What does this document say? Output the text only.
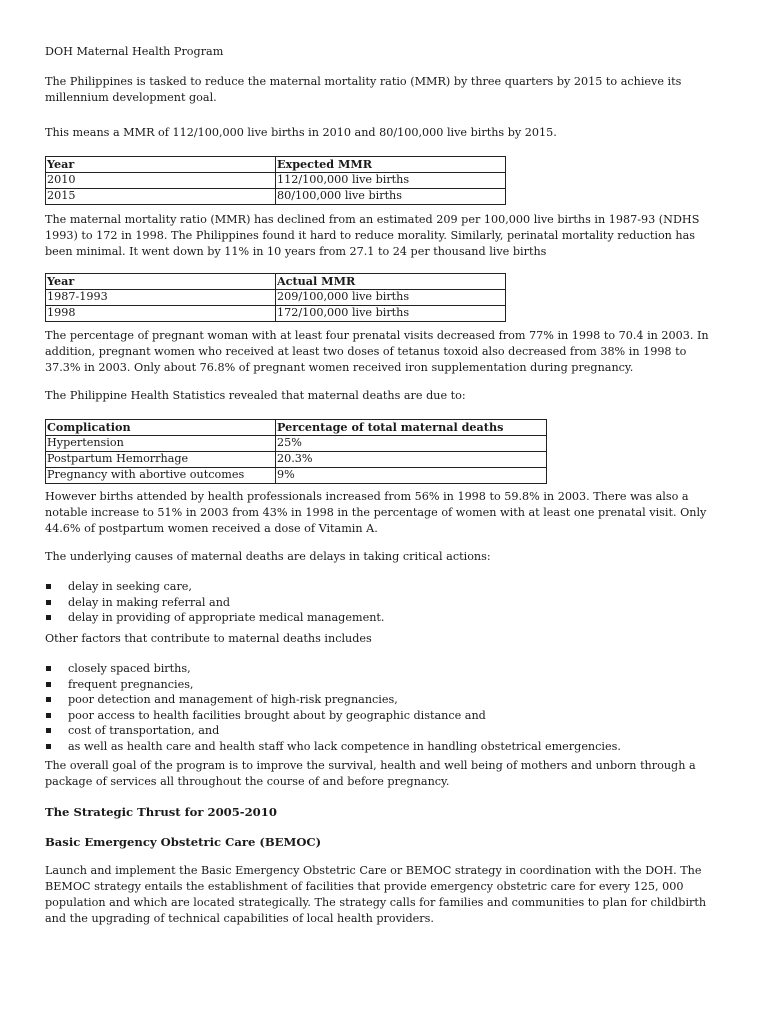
DOH Maternal Health Program

The Philippines is tasked to reduce the maternal mortality ratio (MMR) by three quarters by 2015 to achieve its millennium development goal.

This means a MMR of 112/100,000 live births in 2010 and 80/100,000 live births by 2015.

Year	Expected MMR
2010	112/100,000 live births
2015	80/100,000 live births

The maternal mortality ratio (MMR) has declined from an estimated 209 per 100,000 live births in 1987-93 (NDHS 1993) to 172 in 1998. The Philippines found it hard to reduce morality. Similarly, perinatal mortality reduction has been minimal. It went down by 11% in 10 years from 27.1 to 24 per thousand live births

Year	Actual MMR
1987-1993	209/100,000 live births
1998	172/100,000 live births

The percentage of pregnant woman with at least four prenatal visits decreased from 77% in 1998 to 70.4 in 2003. In addition, pregnant women who received at least two doses of tetanus toxoid also decreased from 38% in 1998 to 37.3% in 2003. Only about 76.8% of pregnant women received iron supplementation during pregnancy.

The Philippine Health Statistics revealed that maternal deaths are due to:

Complication	Percentage of total maternal deaths
Hypertension	25%
Postpartum Hemorrhage	20.3%
Pregnancy with abortive outcomes	9%

However births attended by health professionals increased from 56% in 1998 to 59.8% in 2003. There was also a notable increase to 51% in 2003 from 43% in 1998 in the percentage of women with at least one prenatal visit. Only 44.6% of postpartum women received a dose of Vitamin A.

The underlying causes of maternal deaths are delays in taking critical actions:

delay in seeking care,
delay in making referral and
delay in providing of appropriate medical management.

Other factors that contribute to maternal deaths includes

closely spaced births,
frequent pregnancies,
poor detection and management of high-risk pregnancies,
poor access to health facilities brought about by geographic distance and
cost of transportation, and
as well as health care and health staff who lack competence in handling obstetrical emergencies.

The overall goal of the program is to improve the survival, health and well being of mothers and unborn through a package of services all throughout the course of and before pregnancy.

The Strategic Thrust for 2005-2010
Basic Emergency Obstetric Care (BEMOC)

Launch and implement the Basic Emergency Obstetric Care or BEMOC strategy in coordination with the DOH. The BEMOC strategy entails the establishment of facilities that provide emergency obstetric care for every 125, 000 population and which are located strategically. The strategy calls for families and communities to plan for childbirth and the upgrading of technical capabilities of local health providers.
